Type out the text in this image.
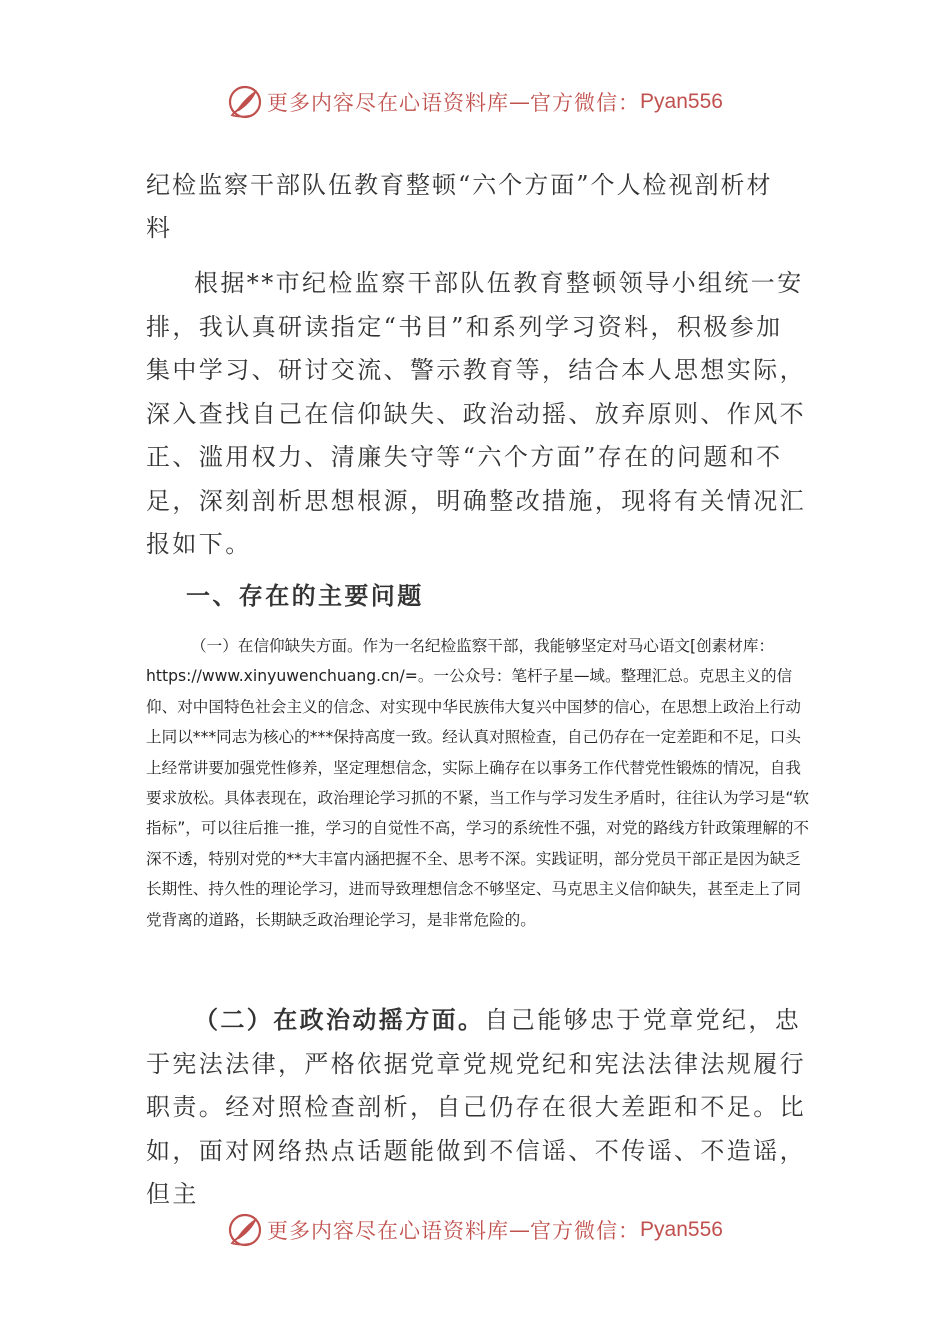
更多内容尽在心语资料库 — 官方微信： Pyan556
纪检监察干部队伍教育整顿“六个方面”个人检视剖析材料

根据**市纪检监察干部队伍教育整顿领导小组统一安排，我认真研读指定“书目”和系列学习资料，积极参加集中学习、研讨交流、警示教育等，结合本人思想实际，深入查找自己在信仰缺失、政治动摇、放弃原则、作风不正、滥用权力、清廉失守等“六个方面”存在的问题和不足，深刻剖析思想根源，明确整改措施，现将有关情况汇报如下。

一、存在的主要问题

（一）在信仰缺失方面。作为一名纪检监察干部，我能够坚定对马心语文[创素材库：https://www.xinyuwenchuang.cn/=。一公众号：笔杆子星—域。整理汇总。克思主义的信仰、对中国特色社会主义的信念、对实现中华民族伟大复兴中国梦的信心，在思想上政治上行动上同以***同志为核心的***保持高度一致。经认真对照检查，自己仍存在一定差距和不足，口头上经常讲要加强党性修养，坚定理想信念，实际上确存在以事务工作代替党性锻炼的情况，自我要求放松。具体表现在，政治理论学习抓的不紧，当工作与学习发生矛盾时，往往认为学习是“软指标”，可以往后推一推，学习的自觉性不高，学习的系统性不强，对党的路线方针政策理解的不深不透，特别对党的**大丰富内涵把握不全、思考不深。实践证明，部分党员干部正是因为缺乏长期性、持久性的理论学习，进而导致理想信念不够坚定、马克思主义信仰缺失，甚至走上了同党背离的道路，长期缺乏政治理论学习，是非常危险的。

（二）在政治动摇方面。自己能够忠于党章党纪，忠于宪法法律，严格依据党章党规党纪和宪法法律法规履行职责。经对照检查剖析，自己仍存在很大差距和不足。比如，面对网络热点话题能做到不信谣、不传谣、不造谣，但主

更多内容尽在心语资料库 — 官方微信： Pyan556
